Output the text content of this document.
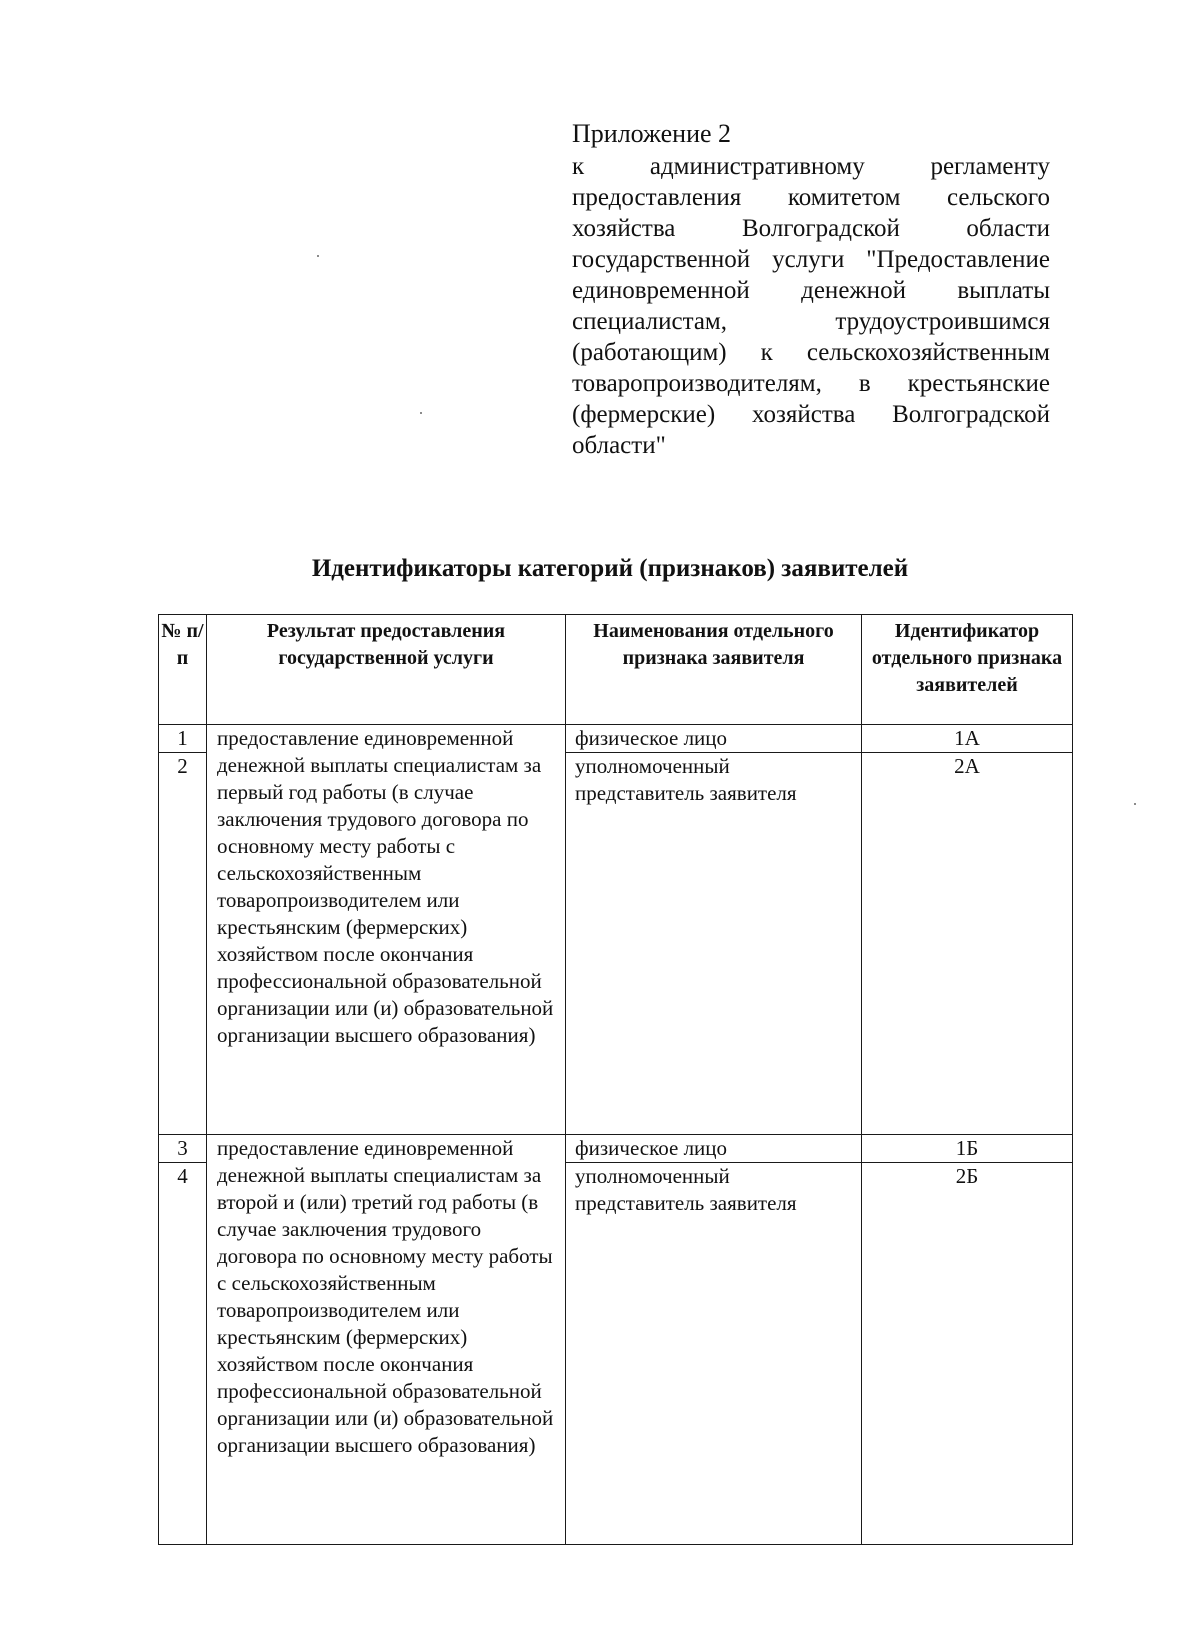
Приложение 2
к административному регламенту предоставления комитетом сельского хозяйства Волгоградской области государственной услуги "Предоставление единовременной денежной выплаты специалистам, трудоустроившимся (работающим) к сельскохозяйственным товаропроизводителям, в крестьянские (фермерские) хозяйства Волгоградской области"
Идентификаторы категорий (признаков) заявителей
№ п/п	Результат предоставления государственной услуги	Наименования отдельного признака заявителя	Идентификатор отдельного признака заявителей
1	предоставление единовременной денежной выплаты специалистам за первый год работы (в случае заключения трудового договора по основному месту работы с сельскохозяйственным товаропроизводителем или крестьянским (фермерских) хозяйством после окончания профессиональной образовательной организации или (и) образовательной организации высшего образования)	физическое лицо	1А
2		уполномоченный представитель заявителя	2А
3	предоставление единовременной денежной выплаты специалистам за второй и (или) третий год работы (в случае заключения трудового договора по основному месту работы с сельскохозяйственным товаропроизводителем или крестьянским (фермерских) хозяйством после окончания профессиональной образовательной организации или (и) образовательной организации высшего образования)	физическое лицо	1Б
4		уполномоченный представитель заявителя	2Б
